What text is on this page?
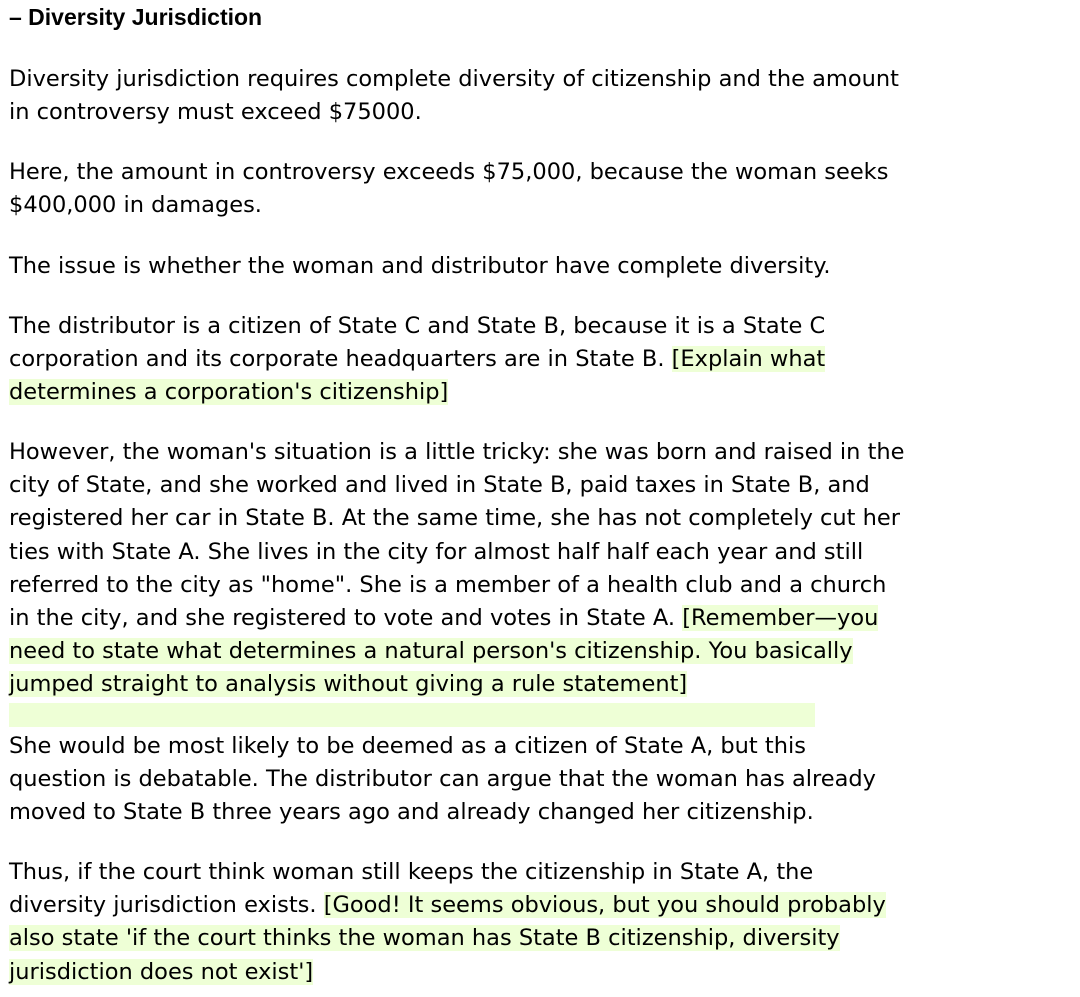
– Diversity Jurisdiction
Diversity jurisdiction requires complete diversity of citizenship and the amount
in controversy must exceed $75000.
Here, the amount in controversy exceeds $75,000, because the woman seeks
$400,000 in damages.
The issue is whether the woman and distributor have complete diversity.
The distributor is a citizen of State C and State B, because it is a State C
corporation and its corporate headquarters are in State B. [Explain what
determines a corporation's citizenship]
However, the woman's situation is a little tricky: she was born and raised in the
city of State, and she worked and lived in State B, paid taxes in State B, and
registered her car in State B. At the same time, she has not completely cut her
ties with State A. She lives in the city for almost half half each year and still
referred to the city as "home". She is a member of a health club and a church
in the city, and she registered to vote and votes in State A. [Remember—you
need to state what determines a natural person's citizenship. You basically
jumped straight to analysis without giving a rule statement]
She would be most likely to be deemed as a citizen of State A, but this
question is debatable. The distributor can argue that the woman has already
moved to State B three years ago and already changed her citizenship.
Thus, if the court think woman still keeps the citizenship in State A, the
diversity jurisdiction exists. [Good! It seems obvious, but you should probably
also state 'if the court thinks the woman has State B citizenship, diversity
jurisdiction does not exist']
